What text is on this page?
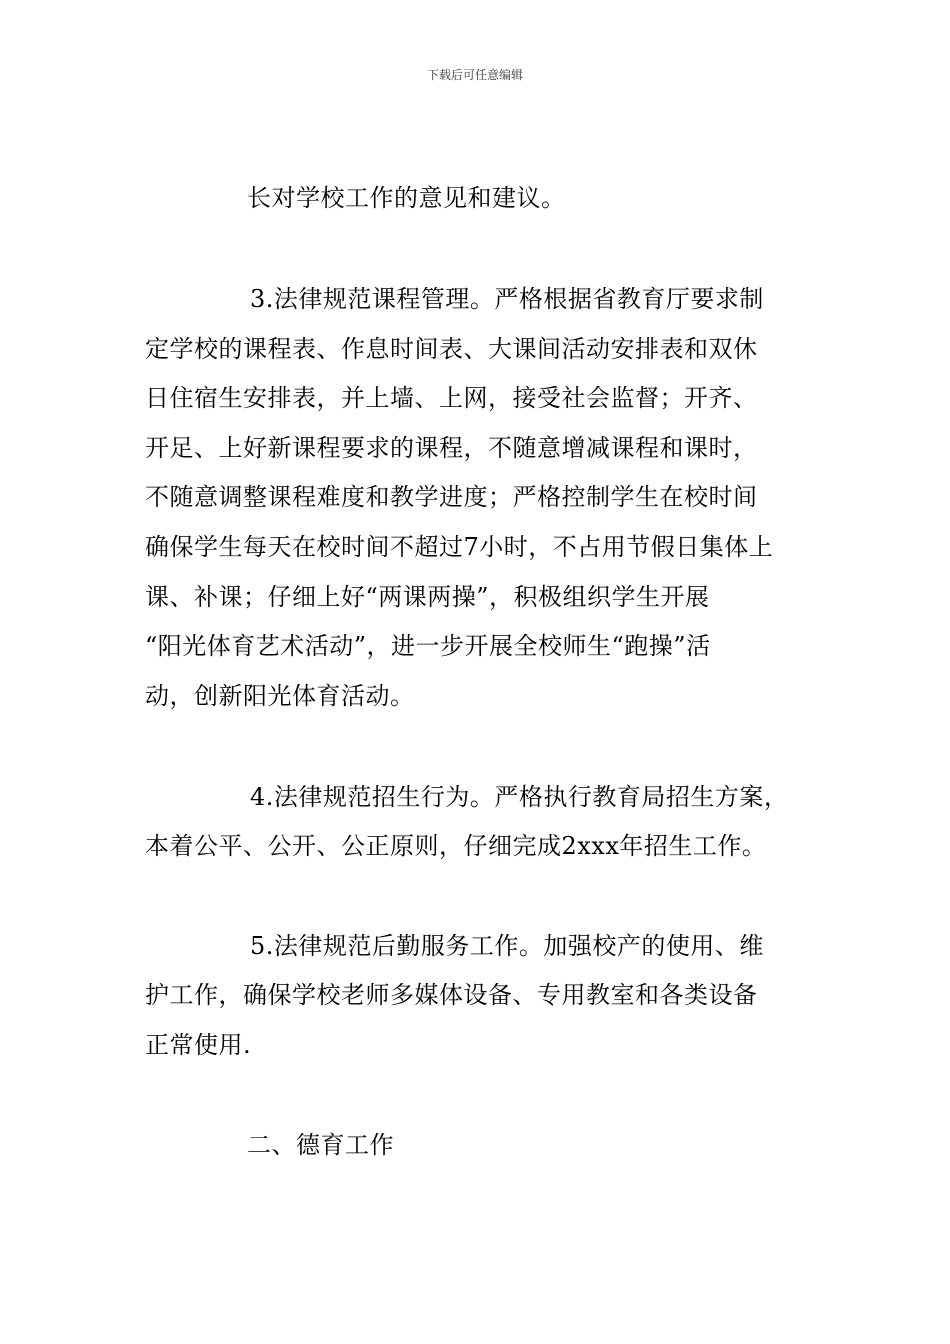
下载后可任意编辑
长对学校工作的意见和建议。
3.法律规范课程管理。严格根据省教育厅要求制
定学校的课程表、作息时间表、大课间活动安排表和双休
日住宿生安排表，并上墙、上网，接受社会监督；开齐、
开足、上好新课程要求的课程，不随意增减课程和课时，
不随意调整课程难度和教学进度；严格控制学生在校时间
确保学生每天在校时间不超过7小时，不占用节假日集体上
课、补课；仔细上好“两课两操”，积极组织学生开展
“阳光体育艺术活动”，进一步开展全校师生“跑操”活
动，创新阳光体育活动。
4.法律规范招生行为。严格执行教育局招生方案，
本着公平、公开、公正原则，仔细完成2xxx年招生工作。
5.法律规范后勤服务工作。加强校产的使用、维
护工作，确保学校老师多媒体设备、专用教室和各类设备
正常使用.
二、德育工作
